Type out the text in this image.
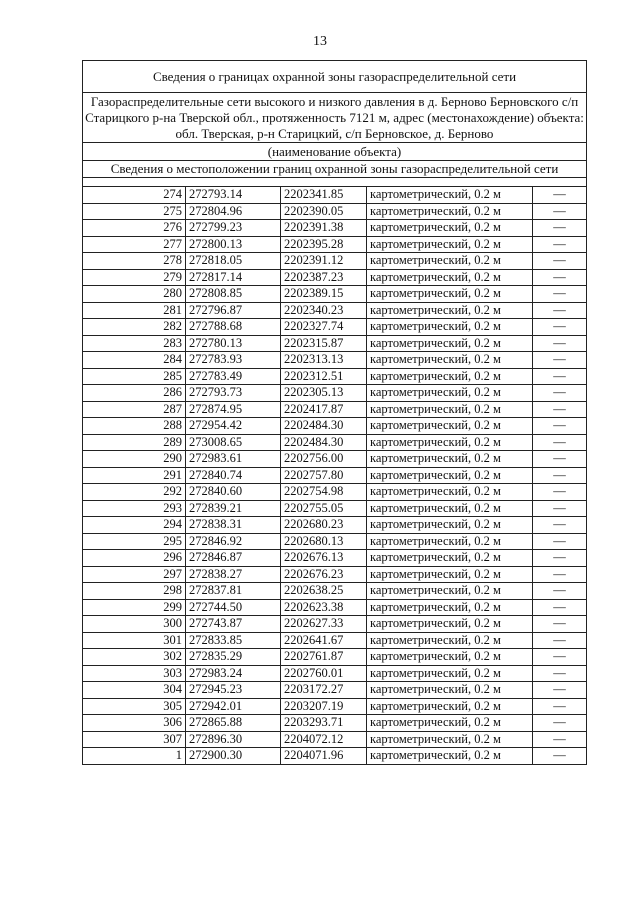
13
Сведения о границах охранной зоны газораспределительной сети
Газораспределительные сети высокого и низкого давления в д. Берново Берновского с/п Старицкого р-на Тверской обл., протяженность 7121 м, адрес (местонахождение) объекта: обл. Тверская, р-н Старицкий, с/п Берновское, д. Берново
(наименование объекта)
Сведения о местоположении границ охранной зоны газораспределительной сети
274	272793.14	2202341.85	картометрический, 0.2 м	—
275	272804.96	2202390.05	картометрический, 0.2 м	—
276	272799.23	2202391.38	картометрический, 0.2 м	—
277	272800.13	2202395.28	картометрический, 0.2 м	—
278	272818.05	2202391.12	картометрический, 0.2 м	—
279	272817.14	2202387.23	картометрический, 0.2 м	—
280	272808.85	2202389.15	картометрический, 0.2 м	—
281	272796.87	2202340.23	картометрический, 0.2 м	—
282	272788.68	2202327.74	картометрический, 0.2 м	—
283	272780.13	2202315.87	картометрический, 0.2 м	—
284	272783.93	2202313.13	картометрический, 0.2 м	—
285	272783.49	2202312.51	картометрический, 0.2 м	—
286	272793.73	2202305.13	картометрический, 0.2 м	—
287	272874.95	2202417.87	картометрический, 0.2 м	—
288	272954.42	2202484.30	картометрический, 0.2 м	—
289	273008.65	2202484.30	картометрический, 0.2 м	—
290	272983.61	2202756.00	картометрический, 0.2 м	—
291	272840.74	2202757.80	картометрический, 0.2 м	—
292	272840.60	2202754.98	картометрический, 0.2 м	—
293	272839.21	2202755.05	картометрический, 0.2 м	—
294	272838.31	2202680.23	картометрический, 0.2 м	—
295	272846.92	2202680.13	картометрический, 0.2 м	—
296	272846.87	2202676.13	картометрический, 0.2 м	—
297	272838.27	2202676.23	картометрический, 0.2 м	—
298	272837.81	2202638.25	картометрический, 0.2 м	—
299	272744.50	2202623.38	картометрический, 0.2 м	—
300	272743.87	2202627.33	картометрический, 0.2 м	—
301	272833.85	2202641.67	картометрический, 0.2 м	—
302	272835.29	2202761.87	картометрический, 0.2 м	—
303	272983.24	2202760.01	картометрический, 0.2 м	—
304	272945.23	2203172.27	картометрический, 0.2 м	—
305	272942.01	2203207.19	картометрический, 0.2 м	—
306	272865.88	2203293.71	картометрический, 0.2 м	—
307	272896.30	2204072.12	картометрический, 0.2 м	—
1	272900.30	2204071.96	картометрический, 0.2 м	—
